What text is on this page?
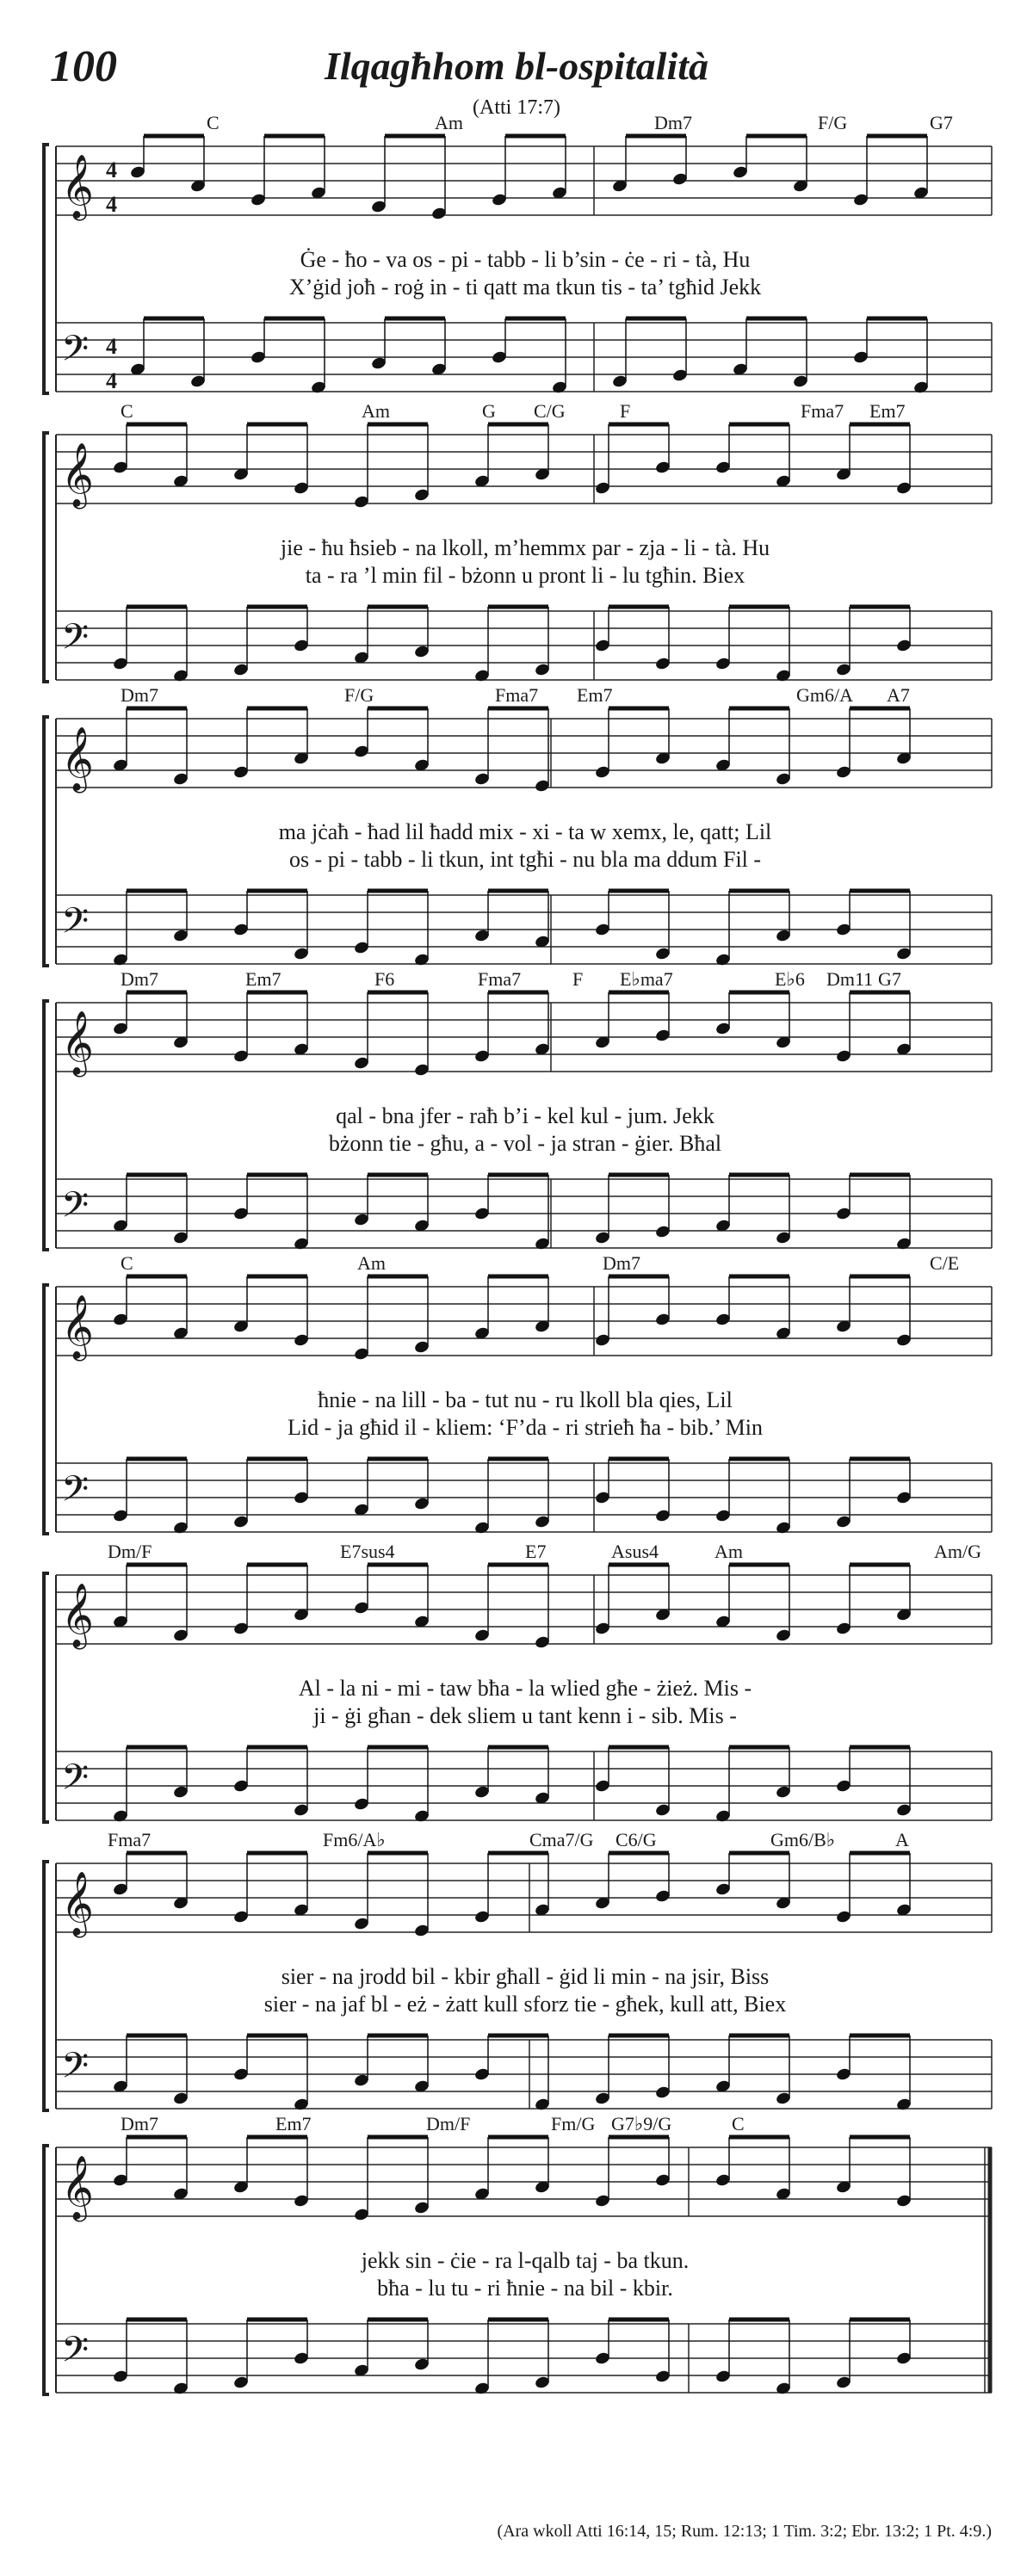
100	Ilqagħhom bl-ospitalità
(Atti 17:7)
C	Am	Dm7	F/G	G7
𝄞
𝄢
4
4
4
4
Ġe - ħo - va os - pi - tabb - li b’sin - ċe - ri - tà, Hu
X’ġid joħ - roġ in - ti qatt ma tkun tis - ta’ tgħid Jekk
C	Am	G C/G	F	Fma7 Em7
𝄞
𝄢
jie - ħu ħsieb - na lkoll, m’hemmx par - zja - li - tà. Hu
ta - ra ’l min fil - bżonn u pront li - lu tgħin. Biex
Dm7	F/G	Fma7 Em7	Gm6/A A7
𝄞
𝄢
ma jċaħ - ħad lil ħadd mix - xi - ta w xemx, le, qatt; Lil
os - pi - tabb - li tkun, int tgħi - nu bla ma ddum Fil -
Dm7	Em7	F6	Fma7	F E♭ma7	E♭6 Dm11 G7
𝄞
𝄢
qal - bna jfer - raħ b’i - kel kul - jum. Jekk
bżonn tie - għu, a - vol - ja stran - ġier. Bħal
C	Am	Dm7	C/E
𝄞
𝄢
ħnie - na lill - ba - tut nu - ru lkoll bla qies, Lil
Lid - ja għid il - kliem: ‘F’da - ri strieħ ħa - bib.’ Min
Dm/F	E7sus4	E7	Asus4	Am	Am/G
𝄞
𝄢
Al - la ni - mi - taw bħa - la wlied għe - żież. Mis -
ji - ġi għan - dek sliem u tant kenn i - sib. Mis -
Fma7	Fm6/A♭	Cma7/G C6/G	Gm6/B♭	A
𝄞
𝄢
sier - na jrodd bil - kbir għall - ġid li min - na jsir, Biss
sier - na jaf bl - eż - żatt kull sforz tie - għek, kull att, Biex
Dm7	Em7	Dm/F	Fm/G G7♭9/G	C
𝄞
𝄢
jekk sin - ċie - ra l-qalb taj - ba tkun.
bħa - lu tu - ri ħnie - na bil - kbir.
(Ara wkoll Atti 16:14, 15; Rum. 12:13; 1 Tim. 3:2; Ebr. 13:2; 1 Pt. 4:9.)
